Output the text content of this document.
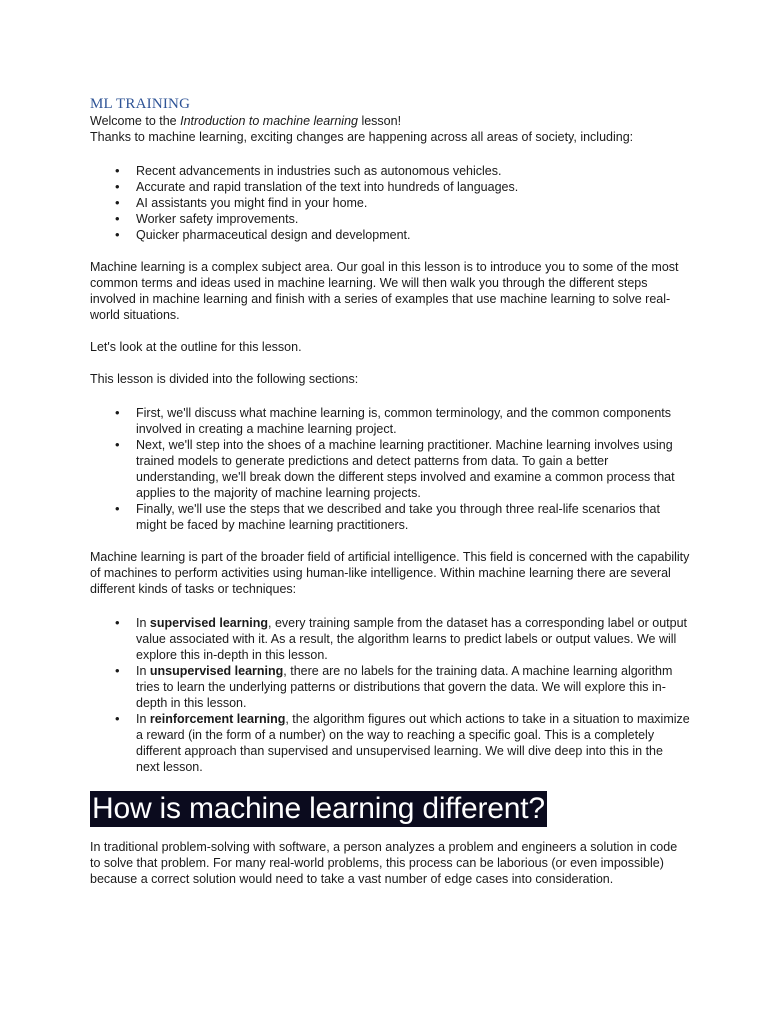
ML TRAINING

Welcome to the Introduction to machine learning lesson!

Thanks to machine learning, exciting changes are happening across all areas of society, including:

• Recent advancements in industries such as autonomous vehicles.
• Accurate and rapid translation of the text into hundreds of languages.
• AI assistants you might find in your home.
• Worker safety improvements.
• Quicker pharmaceutical design and development.

Machine learning is a complex subject area. Our goal in this lesson is to introduce you to some of the most common terms and ideas used in machine learning. We will then walk you through the different steps involved in machine learning and finish with a series of examples that use machine learning to solve real-world situations.

Let's look at the outline for this lesson.

This lesson is divided into the following sections:

• First, we'll discuss what machine learning is, common terminology, and the common components involved in creating a machine learning project.
• Next, we'll step into the shoes of a machine learning practitioner. Machine learning involves using trained models to generate predictions and detect patterns from data. To gain a better understanding, we'll break down the different steps involved and examine a common process that applies to the majority of machine learning projects.
• Finally, we'll use the steps that we described and take you through three real-life scenarios that might be faced by machine learning practitioners.

Machine learning is part of the broader field of artificial intelligence. This field is concerned with the capability of machines to perform activities using human-like intelligence. Within machine learning there are several different kinds of tasks or techniques:

• In supervised learning, every training sample from the dataset has a corresponding label or output value associated with it. As a result, the algorithm learns to predict labels or output values. We will explore this in-depth in this lesson.
• In unsupervised learning, there are no labels for the training data. A machine learning algorithm tries to learn the underlying patterns or distributions that govern the data. We will explore this in-depth in this lesson.
• In reinforcement learning, the algorithm figures out which actions to take in a situation to maximize a reward (in the form of a number) on the way to reaching a specific goal. This is a completely different approach than supervised and unsupervised learning. We will dive deep into this in the next lesson.
How is machine learning different?

In traditional problem-solving with software, a person analyzes a problem and engineers a solution in code to solve that problem. For many real-world problems, this process can be laborious (or even impossible) because a correct solution would need to take a vast number of edge cases into consideration.
